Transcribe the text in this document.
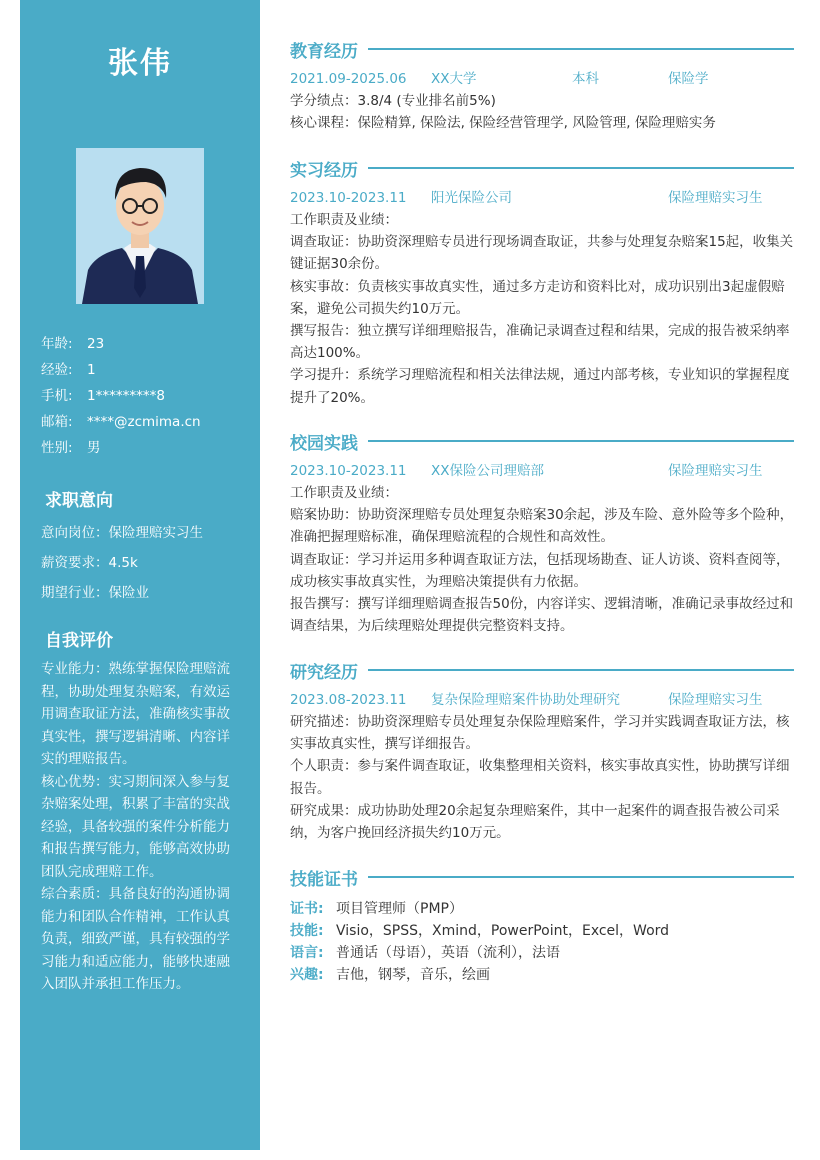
张伟
年龄: 23
经验: 1
手机: 1*********8
邮箱: ****@zcmima.cn
性别: 男
求职意向
意向岗位：保险理赔实习生
薪资要求：4.5k
期望行业：保险业
自我评价

专业能力：熟练掌握保险理赔流程，协助处理复杂赔案，有效运用调查取证方法，准确核实事故真实性，撰写逻辑清晰、内容详实的理赔报告。

核心优势：实习期间深入参与复杂赔案处理，积累了丰富的实战经验，具备较强的案件分析能力和报告撰写能力，能够高效协助团队完成理赔工作。

综合素质：具备良好的沟通协调能力和团队合作精神，工作认真负责，细致严谨，具有较强的学习能力和适应能力，能够快速融入团队并承担工作压力。

教育经历
2021.09-2025.06	XX大学	本科	保险学

学分绩点：3.8/4 (专业排名前5%)

核心课程：保险精算, 保险法, 保险经营管理学, 风险管理, 保险理赔实务

实习经历
2023.10-2023.11	阳光保险公司	保险理赔实习生

工作职责及业绩：

调查取证：协助资深理赔专员进行现场调查取证，共参与处理复杂赔案15起，收集关键证据30余份。

核实事故：负责核实事故真实性，通过多方走访和资料比对，成功识别出3起虚假赔案，避免公司损失约10万元。

撰写报告：独立撰写详细理赔报告，准确记录调查过程和结果，完成的报告被采纳率高达100%。

学习提升：系统学习理赔流程和相关法律法规，通过内部考核，专业知识的掌握程度提升了20%。

校园实践
2023.10-2023.11	XX保险公司理赔部	保险理赔实习生

工作职责及业绩：

赔案协助：协助资深理赔专员处理复杂赔案30余起，涉及车险、意外险等多个险种，准确把握理赔标准，确保理赔流程的合规性和高效性。

调查取证：学习并运用多种调查取证方法，包括现场勘查、证人访谈、资料查阅等，成功核实事故真实性，为理赔决策提供有力依据。

报告撰写：撰写详细理赔调查报告50份，内容详实、逻辑清晰，准确记录事故经过和调查结果，为后续理赔处理提供完整资料支持。

研究经历
2023.08-2023.11	复杂保险理赔案件协助处理研究	保险理赔实习生

研究描述：协助资深理赔专员处理复杂保险理赔案件，学习并实践调查取证方法，核实事故真实性，撰写详细报告。

个人职责：参与案件调查取证，收集整理相关资料，核实事故真实性，协助撰写详细报告。

研究成果：成功协助处理20余起复杂理赔案件，其中一起案件的调查报告被公司采纳，为客户挽回经济损失约10万元。

技能证书
证书: 项目管理师（PMP）
技能: Visio，SPSS，Xmind，PowerPoint，Excel，Word
语言: 普通话（母语），英语（流利），法语
兴趣: 吉他，钢琴，音乐，绘画
